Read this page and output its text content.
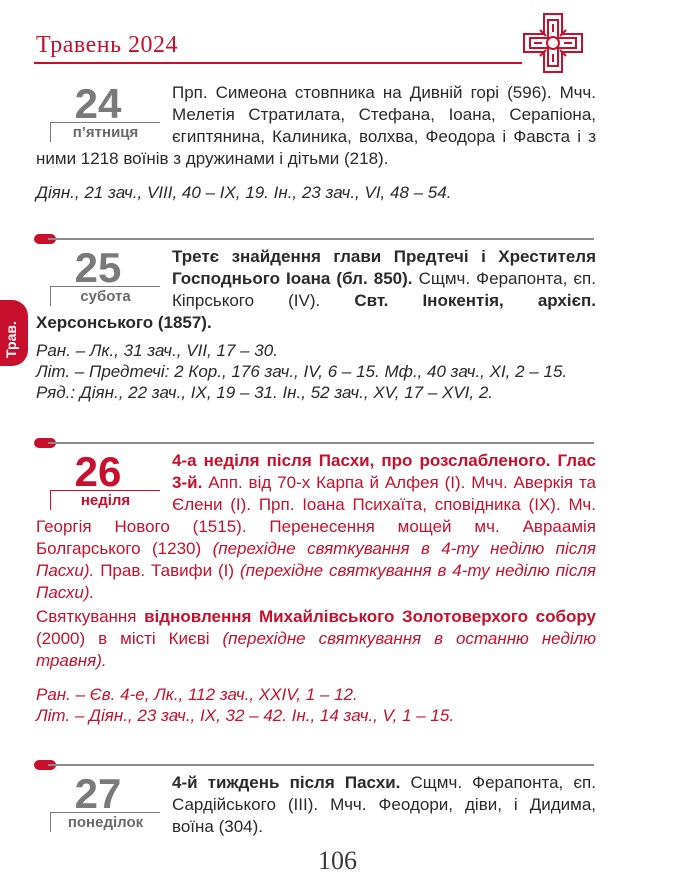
Травень 2024
Трав.
24
п’ятниця
Прп. Симеона стовпника на Дивній горі (596). Мчч. Мелетія Стратилата, Стефана, Іоана, Серапіона, єгиптянина, Калиника, волхва, Феодора і Фавста і з ними 1218 воїнів з дружинами і дітьми (218).
Діян., 21 зач., VIII, 40 – IX, 19. Ін., 23 зач., VI, 48 – 54.
25
субота
Третє знайдення глави Предтечі і Хрестителя Господнього Іоана (бл. 850). Сщмч. Ферапонта, єп. Кіпрського (IV). Свт. Інокентія, архієп. Херсонського (1857).
Ран. – Лк., 31 зач., VII, 17 – 30.
Літ. – Предтечі: 2 Кор., 176 зач., IV, 6 – 15. Мф., 40 зач., XI, 2 – 15.
Ряд.: Діян., 22 зач., IX, 19 – 31. Ін., 52 зач., XV, 17 – XVI, 2.
26
неділя
4-а неділя після Пасхи, про розслабленого. Глас 3-й. Апп. від 70-х Карпа й Алфея (I). Мчч. Аверкія та Єлени (I). Прп. Іоана Психаїта, сповідника (IX). Мч. Георгія Нового (1515). Перенесення мощей мч. Авраамія Болгарського (1230) (перехідне святкування в 4-ту неділю після Пасхи). Прав. Тавифи (I) (перехідне святкування в 4-ту неділю після Пасхи).
Святкування відновлення Михайлівського Золотоверхого собору (2000) в місті Києві (перехідне святкування в останню неділю травня).
Ран. – Єв. 4-е, Лк., 112 зач., XXIV, 1 – 12.
Літ. – Діян., 23 зач., IX, 32 – 42. Ін., 14 зач., V, 1 – 15.
27
понеділок
4-й тиждень після Пасхи. Сщмч. Ферапонта, єп. Сардійського (III). Мчч. Феодори, діви, і Дидима, воїна (304).
106
